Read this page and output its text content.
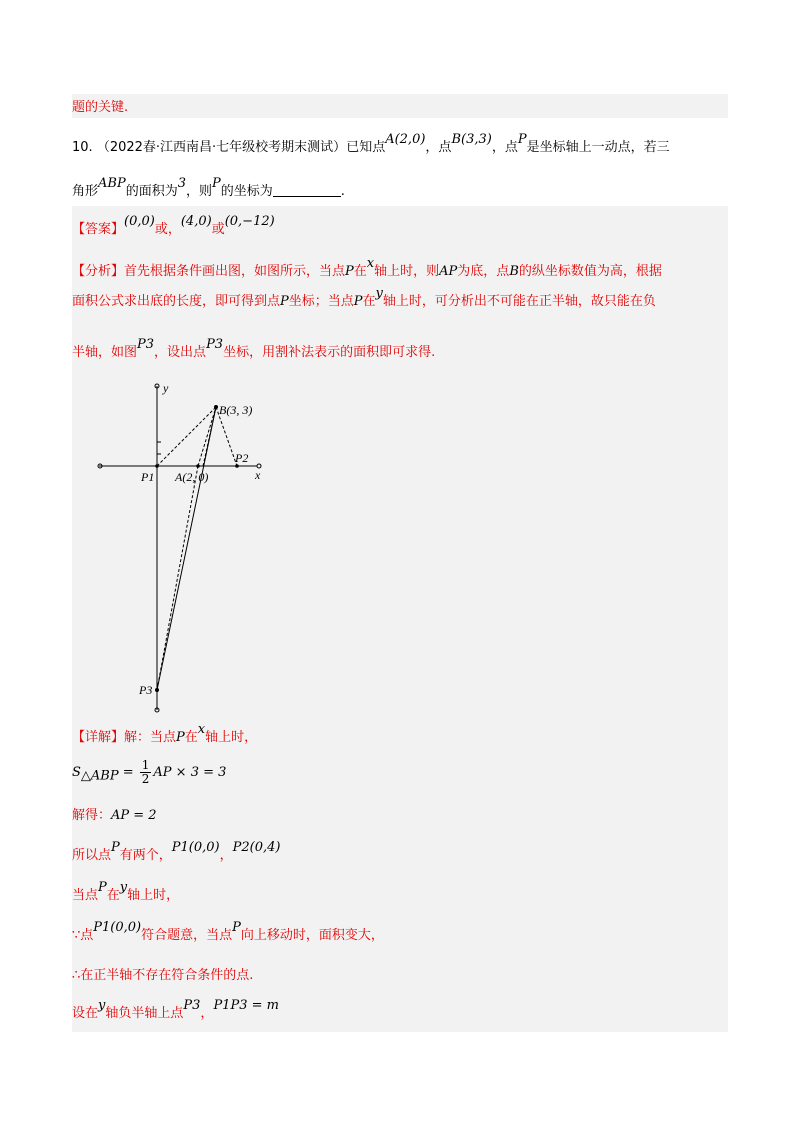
题的关键.
10. （2022春·江西南昌·七年级校考期末测试）已知点A(2,0)，点B(3,3)，点P是坐标轴上一动点，若三
角形ABP的面积为3，则P的坐标为	.
【答案】(0,0)或，(4,0)或(0,−12)
【分析】首先根据条件画出图，如图所示，当点P在x轴上时，则AP为底，点B的纵坐标数值为高，根据
面积公式求出底的长度，即可得到点P坐标；当点P在y轴上时，可分析出不可能在正半轴，故只能在负
半轴，如图P3，设出点P3坐标，用割补法表示的面积即可求得.
y
x
B(3, 3)
P2
P1 A(2, 0)
P3
【详解】解：当点P在x轴上时，
$S_{\triangle ABP} = \frac{1}{2}$ AP × 3 = 3
解得：AP = 2
所以点P有两个，P1(0,0)，P2(0,4)
当点P在y轴上时，
∵点P1(0,0)符合题意，当点P向上移动时，面积变大，
∴在正半轴不存在符合条件的点.
设在y轴负半轴上点P3，P1P3 = m
